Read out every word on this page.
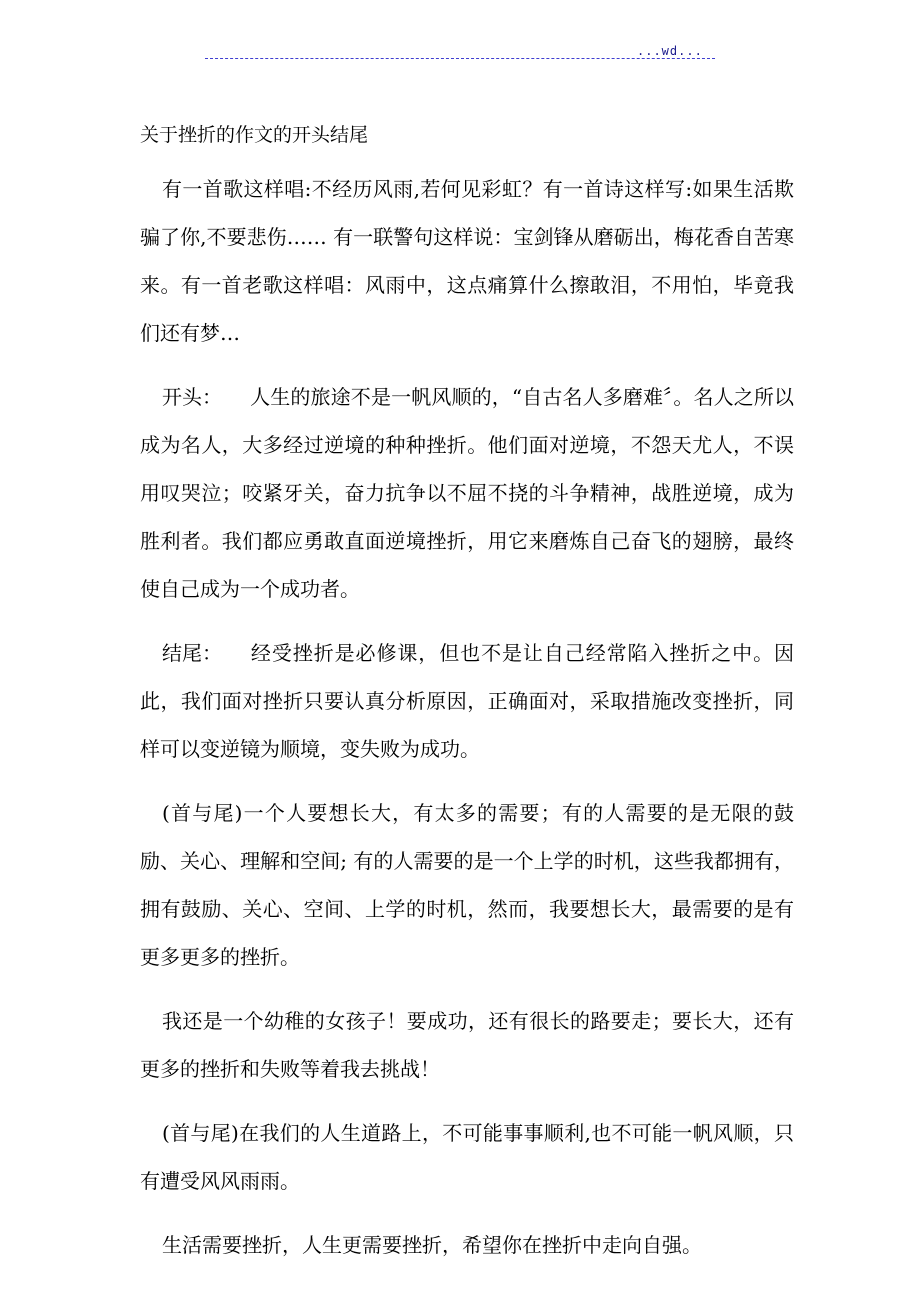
...wd...
关于挫折的作文的开头结尾

有一首歌这样唱:不经历风雨,若何见彩虹？有一首诗这样写:如果生活欺骗了你,不要悲伤…… 有一联警句这样说：宝剑锋从磨砺出，梅花香自苦寒来。有一首老歌这样唱：风雨中，这点痛算什么擦敢泪，不用怕，毕竟我们还有梦…

开头： 人生的旅途不是一帆风顺的，“自古名人多磨难〞。名人之所以成为名人，大多经过逆境的种种挫折。他们面对逆境，不怨天尤人，不误用叹哭泣；咬紧牙关，奋力抗争以不屈不挠的斗争精神，战胜逆境，成为胜利者。我们都应勇敢直面逆境挫折，用它来磨炼自己奋飞的翅膀，最终使自己成为一个成功者。

结尾： 经受挫折是必修课，但也不是让自己经常陷入挫折之中。因此，我们面对挫折只要认真分析原因，正确面对，采取措施改变挫折，同样可以变逆镜为顺境，变失败为成功。

(首与尾)一个人要想长大，有太多的需要；有的人需要的是无限的鼓励、关心、理解和空间; 有的人需要的是一个上学的时机，这些我都拥有，拥有鼓励、关心、空间、上学的时机，然而，我要想长大，最需要的是有更多更多的挫折。

我还是一个幼稚的女孩子！要成功，还有很长的路要走；要长大，还有更多的挫折和失败等着我去挑战！

(首与尾)在我们的人生道路上，不可能事事顺利,也不可能一帆风顺，只有遭受风风雨雨。

生活需要挫折，人生更需要挫折，希望你在挫折中走向自强。
